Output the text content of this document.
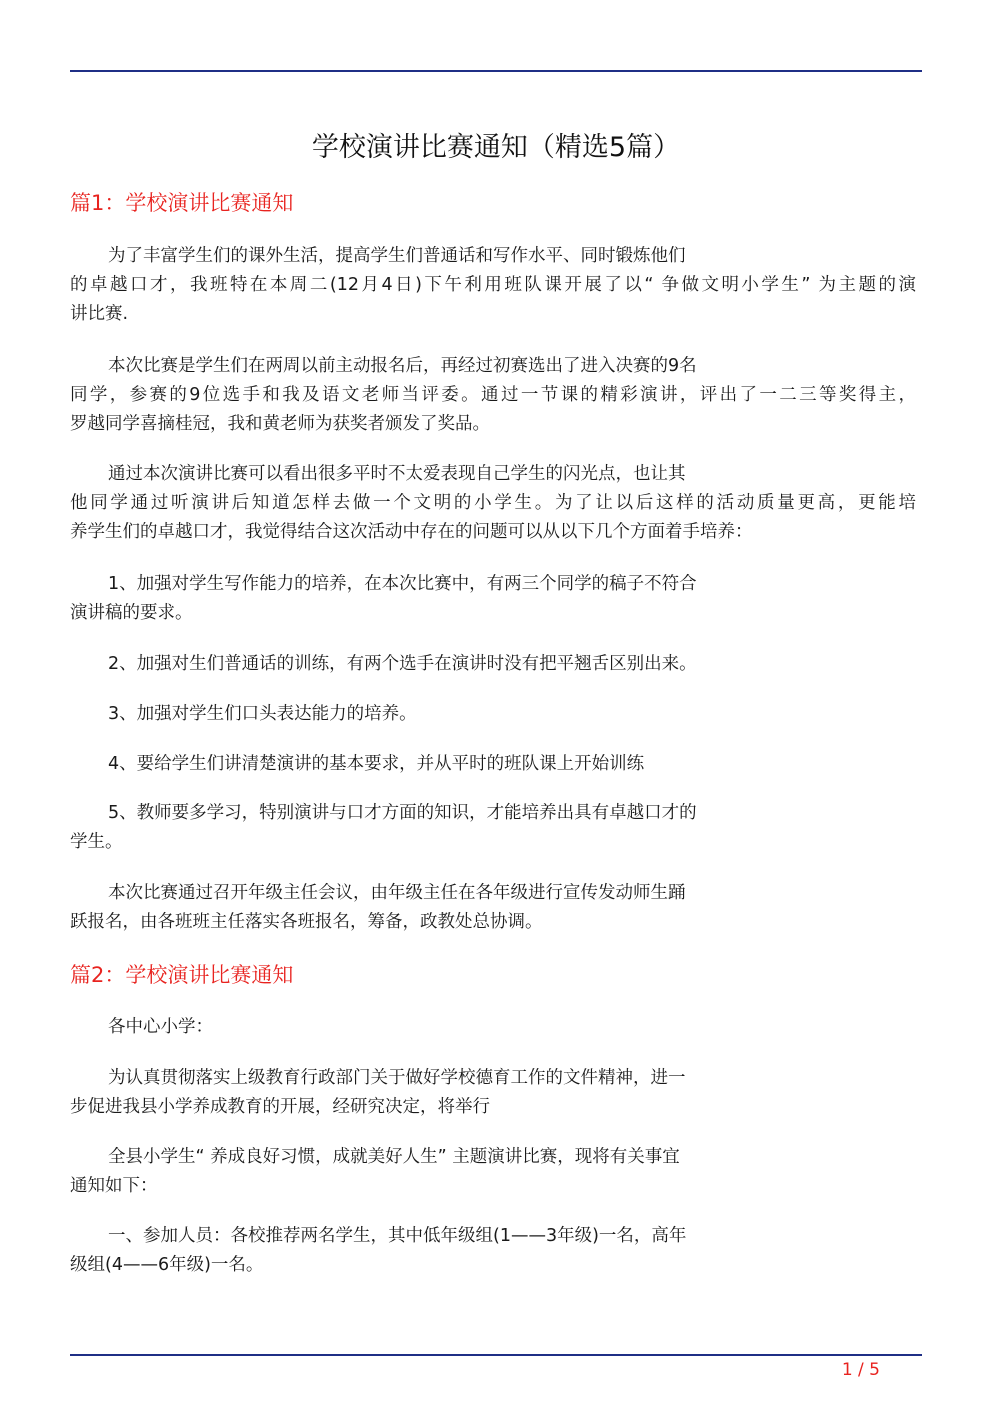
学校演讲比赛通知（精选5篇）
篇1：学校演讲比赛通知

为了丰富学生们的课外生活，提高学生们普通话和写作水平、同时锻炼他们
的卓越口才，我班特在本周二(12月4日)下午利用班队课开展了以“ 争做文明小学生” 为主题的演
讲比赛.

本次比赛是学生们在两周以前主动报名后，再经过初赛选出了进入决赛的9名
同学，参赛的9位选手和我及语文老师当评委。通过一节课的精彩演讲，评出了一二三等奖得主，
罗越同学喜摘桂冠，我和黄老师为获奖者颁发了奖品。

通过本次演讲比赛可以看出很多平时不太爱表现自己学生的闪光点，也让其
他同学通过听演讲后知道怎样去做一个文明的小学生。为了让以后这样的活动质量更高，更能培
养学生们的卓越口才，我觉得结合这次活动中存在的问题可以从以下几个方面着手培养：

1、加强对学生写作能力的培养，在本次比赛中，有两三个同学的稿子不符合
演讲稿的要求。

2、加强对生们普通话的训练，有两个选手在演讲时没有把平翘舌区别出来。

3、加强对学生们口头表达能力的培养。

4、要给学生们讲清楚演讲的基本要求，并从平时的班队课上开始训练

5、教师要多学习，特别演讲与口才方面的知识，才能培养出具有卓越口才的
学生。

本次比赛通过召开年级主任会议，由年级主任在各年级进行宣传发动师生踊
跃报名，由各班班主任落实各班报名，筹备，政教处总协调。

篇2：学校演讲比赛通知

各中心小学：

为认真贯彻落实上级教育行政部门关于做好学校德育工作的文件精神，进一
步促进我县小学养成教育的开展，经研究决定，将举行

全县小学生“ 养成良好习惯，成就美好人生” 主题演讲比赛，现将有关事宜
通知如下：

一、参加人员：各校推荐两名学生，其中低年级组(1——3年级)一名，高年
级组(4——6年级)一名。

1 / 5
